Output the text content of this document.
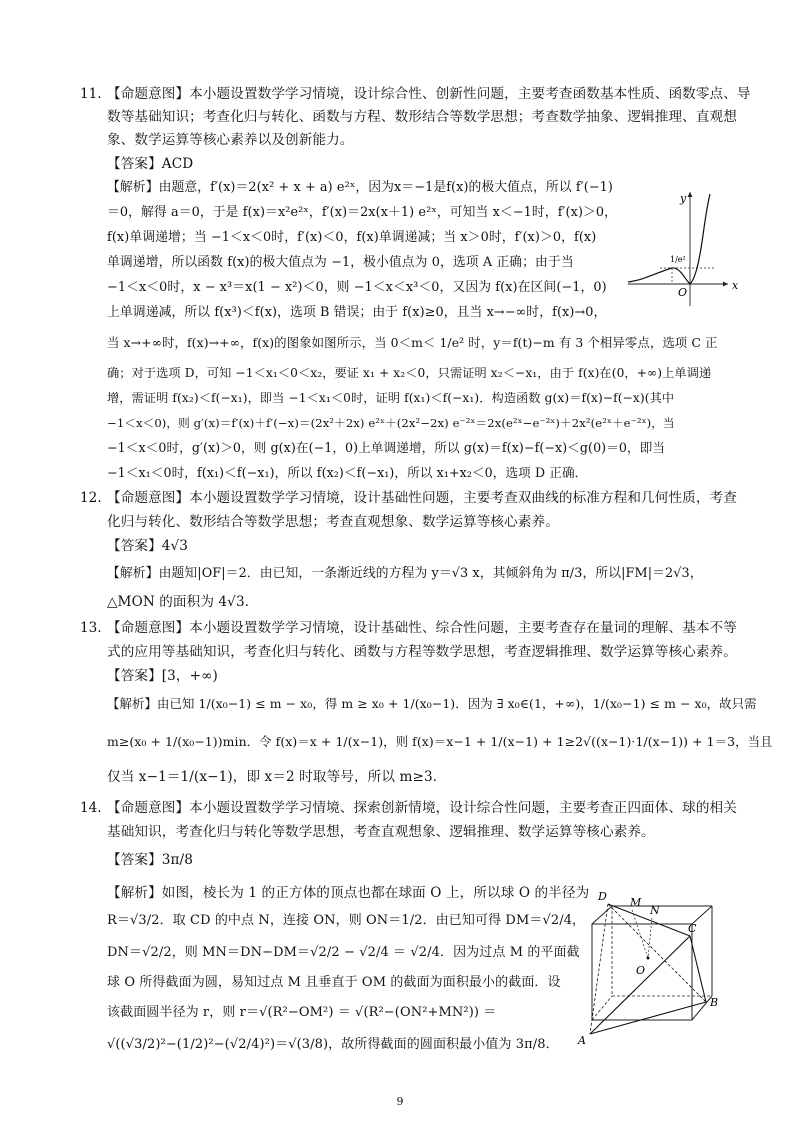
11. 【命题意图】本小题设置数学学习情境，设计综合性、创新性问题，主要考查函数基本性质、函数零点、导
数等基础知识；考查化归与转化、函数与方程、数形结合等数学思想；考查数学抽象、逻辑推理、直观想
象、数学运算等核心素养以及创新能力。
【答案】ACD
【解析】由题意，f′(x)＝2(x² + x + a) e²ˣ，因为x＝−1是f(x)的极大值点，所以 f′(−1)
＝0，解得 a＝0，于是 f(x)＝x²e²ˣ，f′(x)＝2x(x＋1) e²ˣ，可知当 x＜−1时，f′(x)＞0，
f(x)单调递增；当 −1＜x＜0时，f′(x)＜0，f(x)单调递减；当 x＞0时，f′(x)＞0，f(x)
单调递增，所以函数 f(x)的极大值点为 −1，极小值点为 0，选项 A 正确；由于当
−1＜x＜0时，x − x³＝x(1 − x²)＜0，则 −1＜x＜x³＜0，又因为 f(x)在区间(−1，0)
上单调递减，所以 f(x³)＜f(x)，选项 B 错误；由于 f(x)≥0，且当 x→−∞时，f(x)→0，
当 x→+∞时，f(x)→+∞，f(x)的图象如图所示，当 0＜m＜ 1/e² 时，y＝f(t)−m 有 3 个相异零点，选项 C 正
确；对于选项 D，可知 −1＜x₁＜0＜x₂，要证 x₁ + x₂＜0，只需证明 x₂＜−x₁，由于 f(x)在(0，+∞)上单调递
增，需证明 f(x₂)＜f(−x₁)，即当 −1＜x₁＜0时，证明 f(x₁)＜f(−x₁)．构造函数 g(x)＝f(x)−f(−x)(其中
−1＜x＜0)，则 g′(x)＝f′(x)＋f′(−x)＝(2x²＋2x) e²ˣ＋(2x²−2x) e⁻²ˣ＝2x(e²ˣ−e⁻²ˣ)＋2x²(e²ˣ＋e⁻²ˣ)，当
−1＜x＜0时，g′(x)＞0，则 g(x)在(−1，0)上单调递增，所以 g(x)＝f(x)−f(−x)＜g(0)＝0，即当
−1＜x₁＜0时，f(x₁)＜f(−x₁)，所以 f(x₂)＜f(−x₁)，所以 x₁+x₂＜0，选项 D 正确．
y
x
O
1/e²
12. 【命题意图】本小题设置数学学习情境，设计基础性问题，主要考查双曲线的标准方程和几何性质，考查
化归与转化、数形结合等数学思想；考查直观想象、数学运算等核心素养。
【答案】4√3
【解析】由题知|OF|＝2．由已知，一条渐近线的方程为 y＝√3 x，其倾斜角为 π/3，所以|FM|＝2√3，
△MON 的面积为 4√3．
13. 【命题意图】本小题设置数学学习情境，设计基础性、综合性问题，主要考查存在量词的理解、基本不等
式的应用等基础知识，考查化归与转化、函数与方程等数学思想，考查逻辑推理、数学运算等核心素养。
【答案】[3，+∞)
【解析】由已知 1/(x₀−1) ≤ m − x₀，得 m ≥ x₀ + 1/(x₀−1)．因为 ∃ x₀∈(1，+∞)，1/(x₀−1) ≤ m − x₀，故只需
m≥(x₀ + 1/(x₀−1))min．令 f(x)＝x + 1/(x−1)，则 f(x)＝x−1 + 1/(x−1) + 1≥2√((x−1)·1/(x−1)) + 1＝3，当且
仅当 x−1＝1/(x−1)，即 x＝2 时取等号，所以 m≥3．
14. 【命题意图】本小题设置数学学习情境、探索创新情境，设计综合性问题，主要考查正四面体、球的相关
基础知识，考查化归与转化等数学思想，考查直观想象、逻辑推理、数学运算等核心素养。
【答案】3π/8
【解析】如图，棱长为 1 的正方体的顶点也都在球面 O 上，所以球 O 的半径为
R＝√3/2．取 CD 的中点 N，连接 ON，则 ON＝1/2．由已知可得 DM＝√2/4，
DN＝√2/2，则 MN＝DN−DM＝√2/2 − √2/4 ＝ √2/4．因为过点 M 的平面截
球 O 所得截面为圆，易知过点 M 且垂直于 OM 的截面为面积最小的截面．设
该截面圆半径为 r，则 r＝√(R²−OM²) ＝ √(R²−(ON²+MN²)) ＝
√((√3/2)²−(1/2)²−(√2/4)²)＝√(3/8)，故所得截面的圆面积最小值为 3π/8．
D M
N
C
O
B
A
9
